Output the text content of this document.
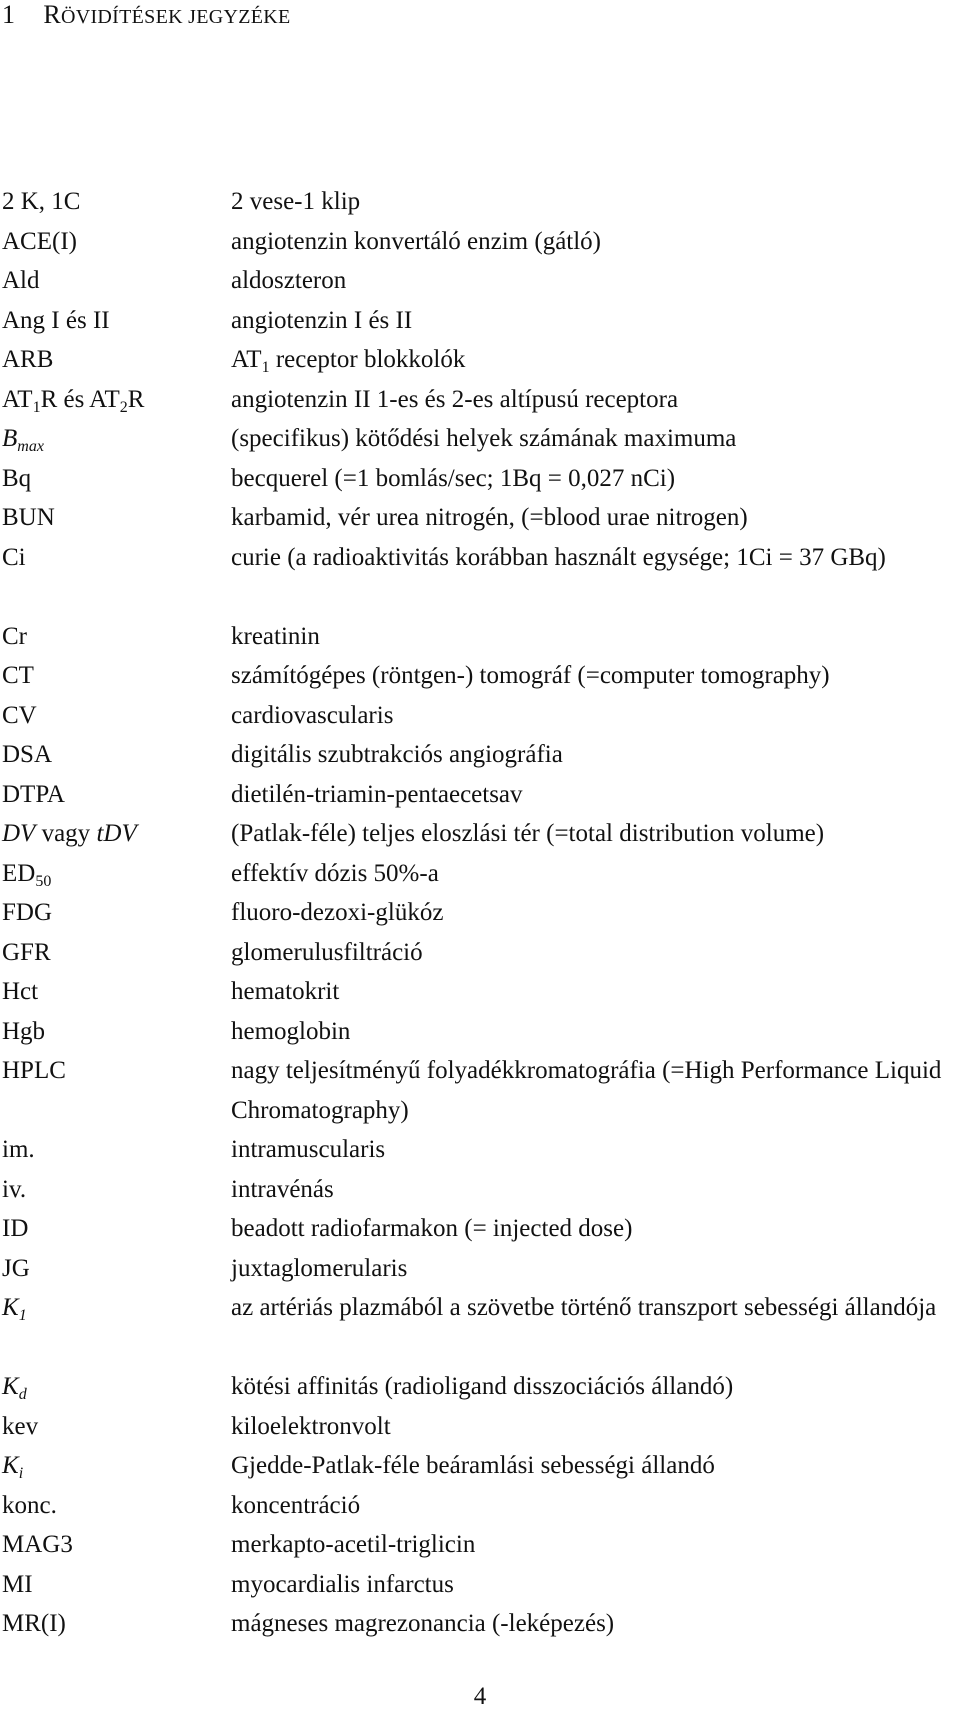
1 RÖVIDÍTÉSEK JEGYZÉKE
2 K, 1C	2 vese-1 klip
ACE(I)	angiotenzin konvertáló enzim (gátló)
Ald	aldoszteron
Ang I és II	angiotenzin I és II
ARB	$AT_1$ receptor blokkolók
$AT_1R$ és $AT_2R$	angiotenzin II 1-es és 2-es altípusú receptora
$B_{max}$	(specifikus) kötődési helyek számának maximuma
Bq	becquerel (=1 bomlás/sec; 1Bq = 0,027 nCi)
BUN	karbamid, vér urea nitrogén, (=blood urae nitrogen)
Ci	curie (a radioaktivitás korábban használt egysége; 1Ci = 37 GBq)
Cr	kreatinin
CT	számítógépes (röntgen-) tomográf (=computer tomography)
CV	cardiovascularis
DSA	digitális szubtrakciós angiográfia
DTPA	dietilén-triamin-pentaecetsav
DV vagy tDV	(Patlak-féle) teljes eloszlási tér (=total distribution volume)
$ED_{50}$	effektív dózis 50%-a
FDG	fluoro-dezoxi-glükóz
GFR	glomerulusfiltráció
Hct	hematokrit
Hgb	hemoglobin
HPLC	nagy teljesítményű folyadékkromatográfia (=High Performance Liquid Chromatography)
im.	intramuscularis
iv.	intravénás
ID	beadott radiofarmakon (= injected dose)
JG	juxtaglomerularis
$K_1$	az artériás plazmából a szövetbe történő transzport sebességi állandója
$K_d$	kötési affinitás (radioligand disszociációs állandó)
kev	kiloelektronvolt
$K_i$	Gjedde-Patlak-féle beáramlási sebességi állandó
konc.	koncentráció
MAG3	merkapto-acetil-triglicin
MI	myocardialis infarctus
MR(I)	mágneses magrezonancia (-leképezés)
4
